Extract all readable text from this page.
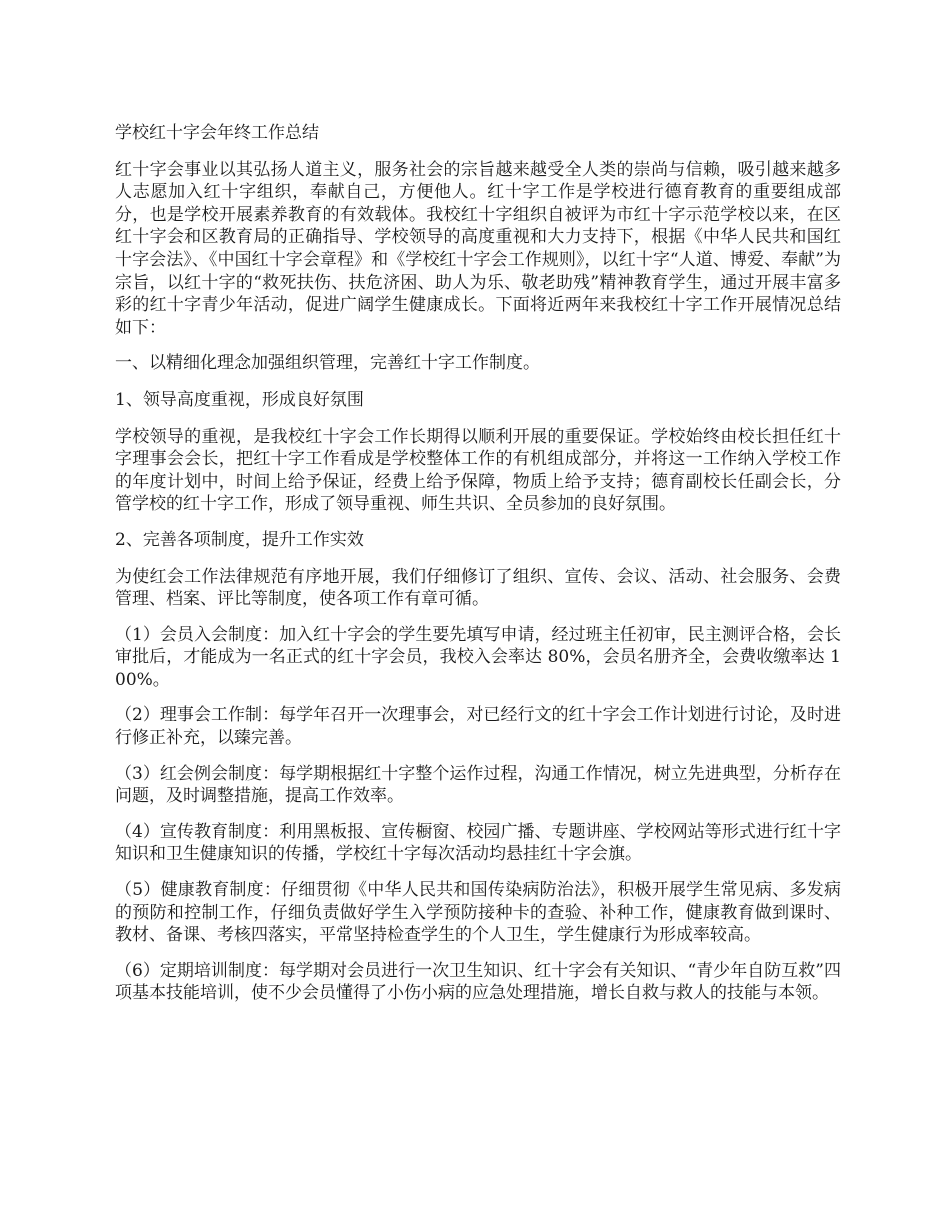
学校红十字会年终工作总结

红十字会事业以其弘扬人道主义，服务社会的宗旨越来越受全人类的崇尚与信赖，吸引越来越多人志愿加入红十字组织，奉献自己，方便他人。红十字工作是学校进行德育教育的重要组成部分，也是学校开展素养教育的有效载体。我校红十字组织自被评为市红十字示范学校以来，在区红十字会和区教育局的正确指导、学校领导的高度重视和大力支持下，根据《中华人民共和国红十字会法》、《中国红十字会章程》和《学校红十字会工作规则》，以红十字“人道、博爱、奉献”为宗旨，以红十字的“救死扶伤、扶危济困、助人为乐、敬老助残”精神教育学生，通过开展丰富多彩的红十字青少年活动，促进广阔学生健康成长。下面将近两年来我校红十字工作开展情况总结如下：

一、以精细化理念加强组织管理，完善红十字工作制度。

1、领导高度重视，形成良好氛围

学校领导的重视，是我校红十字会工作长期得以顺利开展的重要保证。学校始终由校长担任红十字理事会会长，把红十字工作看成是学校整体工作的有机组成部分，并将这一工作纳入学校工作的年度计划中，时间上给予保证，经费上给予保障，物质上给予支持；德育副校长任副会长，分管学校的红十字工作，形成了领导重视、师生共识、全员参加的良好氛围。

2、完善各项制度，提升工作实效

为使红会工作法律规范有序地开展，我们仔细修订了组织、宣传、会议、活动、社会服务、会费管理、档案、评比等制度，使各项工作有章可循。

（1）会员入会制度：加入红十字会的学生要先填写申请，经过班主任初审，民主测评合格，会长审批后，才能成为一名正式的红十字会员，我校入会率达 80%，会员名册齐全，会费收缴率达 100%。

（2）理事会工作制：每学年召开一次理事会，对已经行文的红十字会工作计划进行讨论，及时进行修正补充，以臻完善。

（3）红会例会制度：每学期根据红十字整个运作过程，沟通工作情况，树立先进典型，分析存在问题，及时调整措施，提高工作效率。

（4）宣传教育制度：利用黑板报、宣传橱窗、校园广播、专题讲座、学校网站等形式进行红十字知识和卫生健康知识的传播，学校红十字每次活动均悬挂红十字会旗。

（5）健康教育制度：仔细贯彻《中华人民共和国传染病防治法》，积极开展学生常见病、多发病的预防和控制工作，仔细负责做好学生入学预防接种卡的查验、补种工作，健康教育做到课时、教材、备课、考核四落实，平常坚持检查学生的个人卫生，学生健康行为形成率较高。

（6）定期培训制度：每学期对会员进行一次卫生知识、红十字会有关知识、“青少年自防互救”四项基本技能培训，使不少会员懂得了小伤小病的应急处理措施，增长自救与救人的技能与本领。
